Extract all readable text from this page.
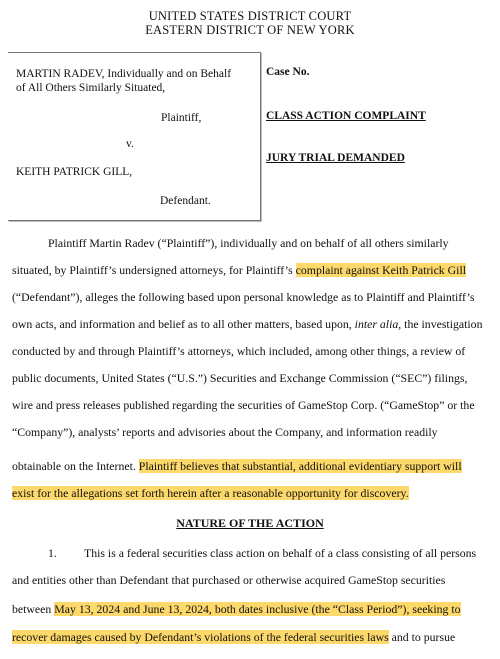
UNITED STATES DISTRICT COURT
EASTERN DISTRICT OF NEW YORK
MARTIN RADEV, Individually and on Behalf
of All Others Similarly Situated,
Plaintiff,
v.
KEITH PATRICK GILL,
Defendant.
Case No.
CLASS ACTION COMPLAINT
JURY TRIAL DEMANDED
Plaintiff Martin Radev (“Plaintiff”), individually and on behalf of all others similarly
situated, by Plaintiff’s undersigned attorneys, for Plaintiff’s complaint against Keith Patrick Gill
(“Defendant”), alleges the following based upon personal knowledge as to Plaintiff and Plaintiff’s
own acts, and information and belief as to all other matters, based upon, inter alia, the investigation
conducted by and through Plaintiff’s attorneys, which included, among other things, a review of
public documents, United States (“U.S.”) Securities and Exchange Commission (“SEC”) filings,
wire and press releases published regarding the securities of GameStop Corp. (“GameStop” or the
“Company”), analysts’ reports and advisories about the Company, and information readily
obtainable on the Internet. Plaintiff believes that substantial, additional evidentiary support will
exist for the allegations set forth herein after a reasonable opportunity for discovery.
NATURE OF THE ACTION
1. This is a federal securities class action on behalf of a class consisting of all persons
and entities other than Defendant that purchased or otherwise acquired GameStop securities
between May 13, 2024 and June 13, 2024, both dates inclusive (the “Class Period”), seeking to
recover damages caused by Defendant’s violations of the federal securities laws and to pursue
